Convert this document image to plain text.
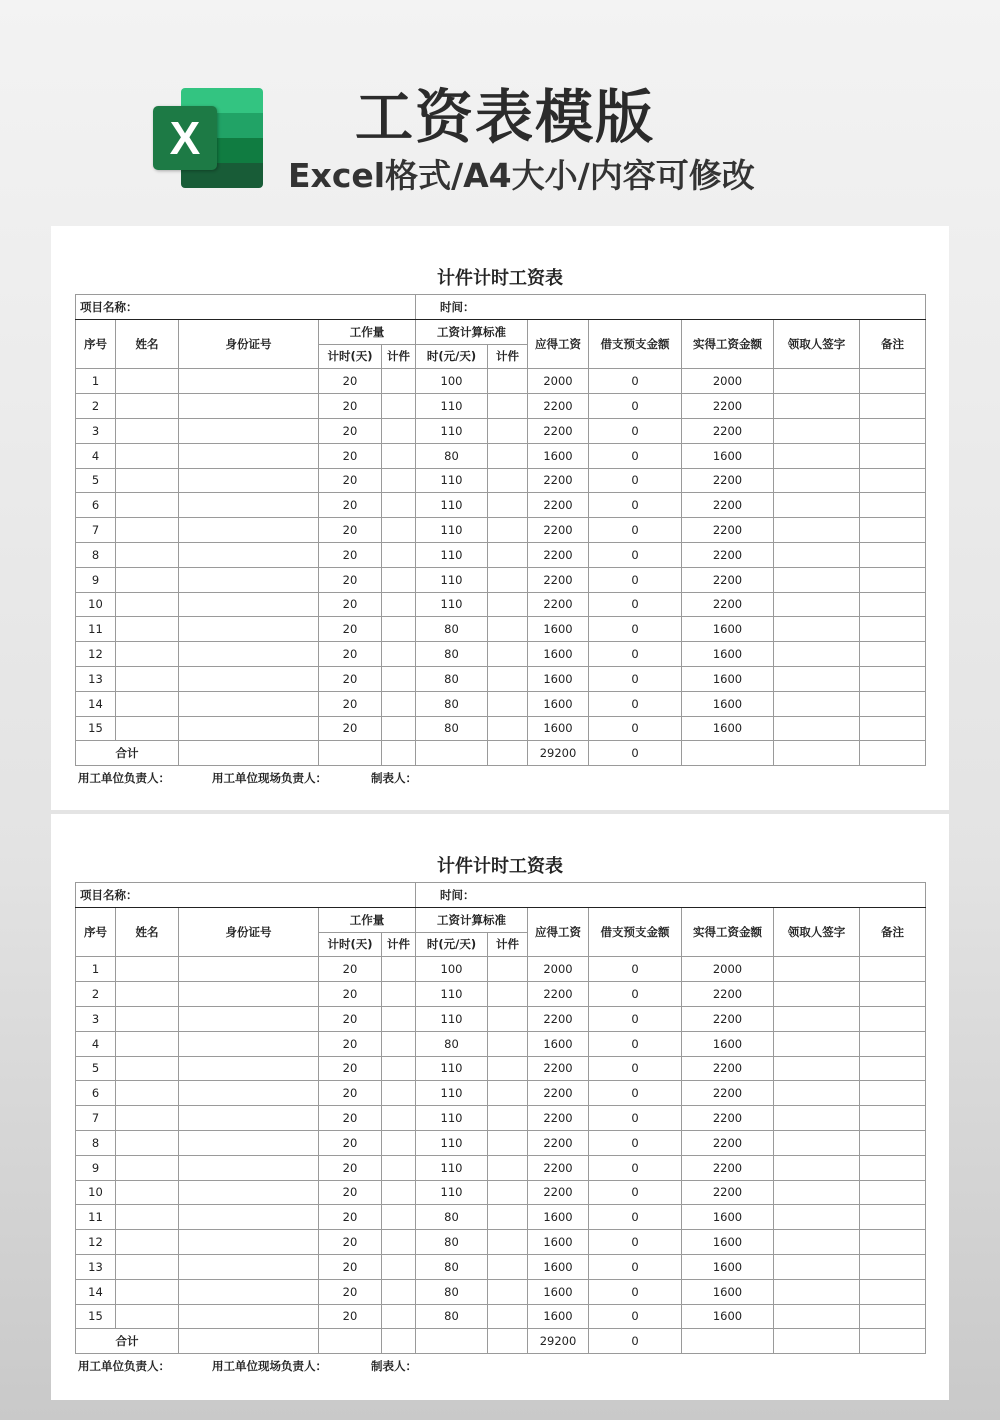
X	工资表模版
Excel格式/A4大小/内容可修改
计件计时工资表
项目名称：					时间：						
序号	姓名	身份证号	工作量		工资计算标准		应得工资	借支预支金额	实得工资金额	领取人签字	备注
			计时(天)	计件	时(元/天)	计件					
1			20		100		2000	0	2000		
2			20		110		2200	0	2200		
3			20		110		2200	0	2200		
4			20		80		1600	0	1600		
5			20		110		2200	0	2200		
6			20		110		2200	0	2200		
7			20		110		2200	0	2200		
8			20		110		2200	0	2200		
9			20		110		2200	0	2200		
10			20		110		2200	0	2200		
11			20		80		1600	0	1600		
12			20		80		1600	0	1600		
13			20		80		1600	0	1600		
14			20		80		1600	0	1600		
15			20		80		1600	0	1600		
合计							29200	0			
用工单位负责人：	用工单位现场负责人：	制表人：
计件计时工资表
项目名称：					时间：						
序号	姓名	身份证号	工作量		工资计算标准		应得工资	借支预支金额	实得工资金额	领取人签字	备注
			计时(天)	计件	时(元/天)	计件					
1			20		100		2000	0	2000		
2			20		110		2200	0	2200		
3			20		110		2200	0	2200		
4			20		80		1600	0	1600		
5			20		110		2200	0	2200		
6			20		110		2200	0	2200		
7			20		110		2200	0	2200		
8			20		110		2200	0	2200		
9			20		110		2200	0	2200		
10			20		110		2200	0	2200		
11			20		80		1600	0	1600		
12			20		80		1600	0	1600		
13			20		80		1600	0	1600		
14			20		80		1600	0	1600		
15			20		80		1600	0	1600		
合计							29200	0			
用工单位负责人：	用工单位现场负责人：	制表人：
